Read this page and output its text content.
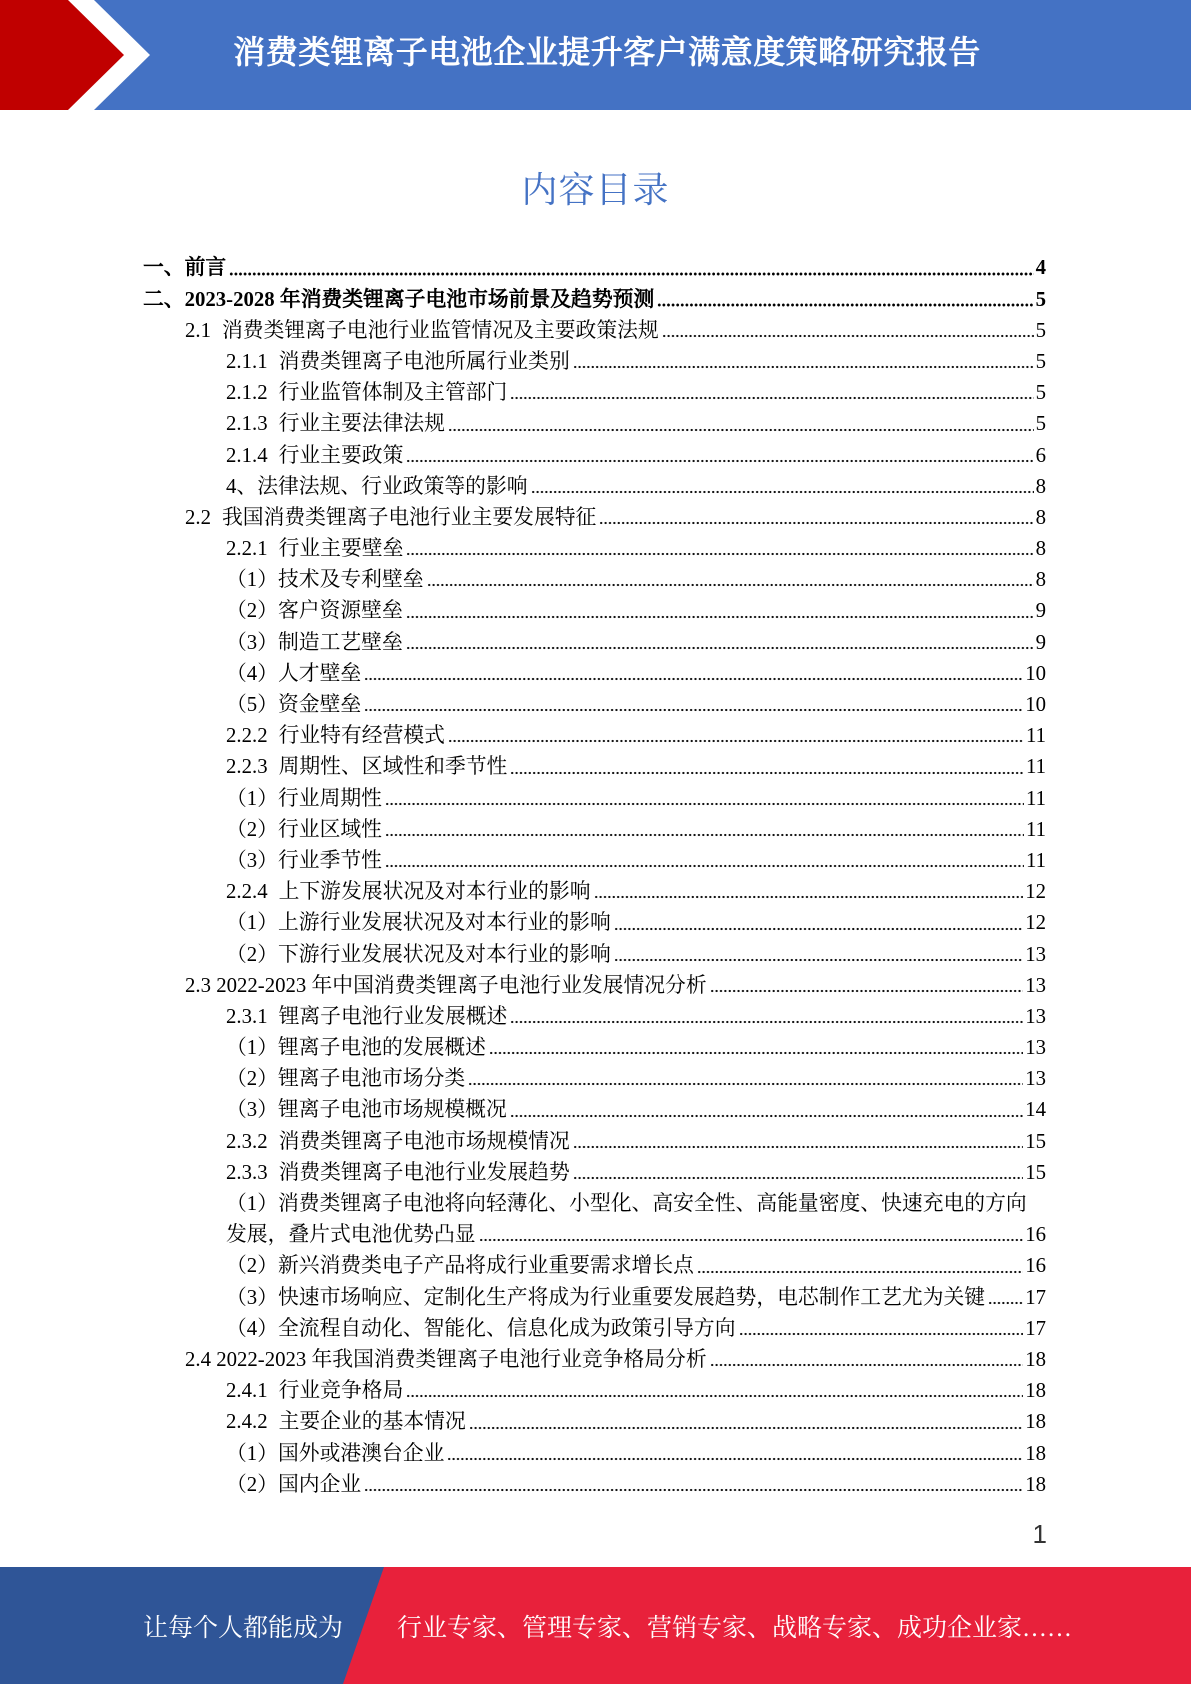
消费类锂离子电池企业提升客户满意度策略研究报告
内容目录
一、前言	4
二、2023-2028 年消费类锂离子电池市场前景及趋势预测	5
2.1 消费类锂离子电池行业监管情况及主要政策法规	5
2.1.1 消费类锂离子电池所属行业类别	5
2.1.2 行业监管体制及主管部门	5
2.1.3 行业主要法律法规	5
2.1.4 行业主要政策	6
4、法律法规、行业政策等的影响	8
2.2 我国消费类锂离子电池行业主要发展特征	8
2.2.1 行业主要壁垒	8
（1）技术及专利壁垒	8
（2）客户资源壁垒	9
（3）制造工艺壁垒	9
（4）人才壁垒	10
（5）资金壁垒	10
2.2.2 行业特有经营模式	11
2.2.3 周期性、区域性和季节性	11
（1）行业周期性	11
（2）行业区域性	11
（3）行业季节性	11
2.2.4 上下游发展状况及对本行业的影响	12
（1）上游行业发展状况及对本行业的影响	12
（2）下游行业发展状况及对本行业的影响	13
2.3 2022-2023 年中国消费类锂离子电池行业发展情况分析	13
2.3.1 锂离子电池行业发展概述	13
（1）锂离子电池的发展概述	13
（2）锂离子电池市场分类	13
（3）锂离子电池市场规模概况	14
2.3.2 消费类锂离子电池市场规模情况	15
2.3.3 消费类锂离子电池行业发展趋势	15
（1）消费类锂离子电池将向轻薄化、小型化、高安全性、高能量密度、快速充电的方向
发展，叠片式电池优势凸显	16
（2）新兴消费类电子产品将成行业重要需求增长点	16
（3）快速市场响应、定制化生产将成为行业重要发展趋势，电芯制作工艺尤为关键 17
（4）全流程自动化、智能化、信息化成为政策引导方向	17
2.4 2022-2023 年我国消费类锂离子电池行业竞争格局分析	18
2.4.1 行业竞争格局	18
2.4.2 主要企业的基本情况	18
（1）国外或港澳台企业	18
（2）国内企业	18
1
让每个人都能成为 行业专家、管理专家、营销专家、战略专家、成功企业家……
